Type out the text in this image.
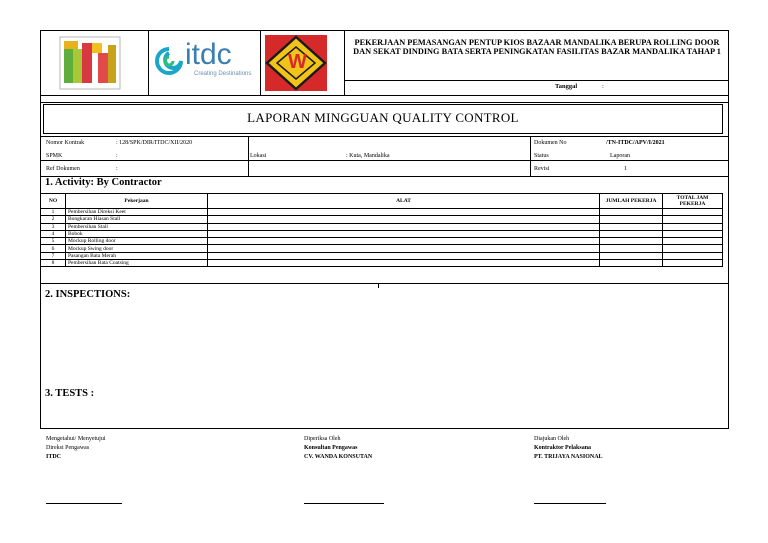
itdc
Creating Destinations
W
PEKERJAAN PEMASANGAN PENTUP KIOS BAZAAR MANDALIKA BERUPA ROLLING DOOR DAN SEKAT DINDING BATA SERTA PENINGKATAN FASILITAS BAZAR MANDALIKA TAHAP 1
Tanggal	:
LAPORAN MINGGUAN QUALITY CONTROL
Nomor Kontrak	: 128/SPK/DIR/ITDC/XII/2020
SPMK	:
Ref Dokumen	:
Lokasi	: Kuta, Mandalika
Dokumen No	/TN-ITDC/APV/I/2021
Status	Laporan
Revisi	1
1. Activity: By Contractor
NO	Pekerjaan	ALAT	JUMLAH PEKERJA	TOTAL JAM PEKERJA
1	Pembersihan Direksi Keet			
2	Bongkaran Hiasan Stall			
3	Pembersihan Stall			
4	Bobok			
5	Mockup Rolling door			
6	Mockup Swing door			
7	Pasangan Bata Merah			
8	Pembersihan Bata Coatsing			
2. INSPECTIONS:
3. TESTS :
Mengetahui/ Menyetujui
Direksi Pengawas
ITDC
Diperiksa Oleh
Konsultan Pengawas
CV. WANDA KONSUTAN
Diajukan Oleh
Kontraktor Pelaksana
PT. TRIJAYA NASIONAL
